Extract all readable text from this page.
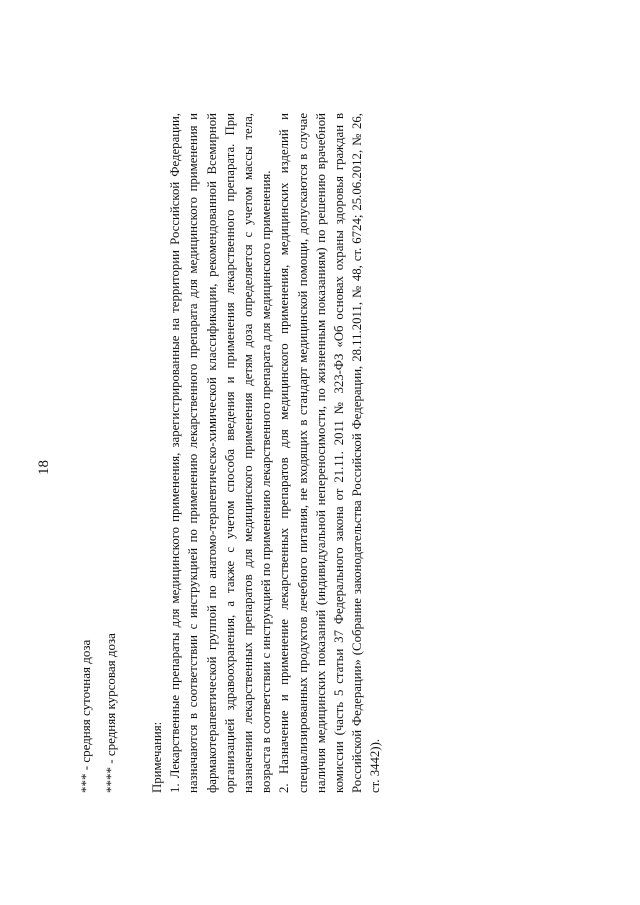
18
*** - средняя суточная доза **** - средняя курсовая доза	Примечания: 1. Лекарственные препараты для медицинского применения, зарегистрированные на территории Российской Федерации, назначаются в соответствии с инструкцией по применению лекарственного препарата для медицинского применения и фармакотерапевтической группой по анатомо-терапевтическо-химической классификации, рекомендованной Всемирной организацией здравоохранения, а также с учетом способа введения и применения лекарственного препарата. При назначении лекарственных препаратов для медицинского применения детям доза определяется с учетом массы тела, возраста в соответствии с инструкцией по применению лекарственного препарата для медицинского применения. 2. Назначение и применение лекарственных препаратов для медицинского применения, медицинских изделий и специализированных продуктов лечебного питания, не входящих в стандарт медицинской помощи, допускаются в случае наличия медицинских показаний (индивидуальной непереносимости, по жизненным показаниям) по решению врачебной комиссии (часть 5 статьи 37 Федерального закона от 21.11. 2011 № 323-ФЗ «Об основах охраны здоровья граждан в Российской Федерации» (Собрание законодательства Российской Федерации, 28.11.2011, № 48, ст. 6724; 25.06.2012, № 26, ст. 3442)).
